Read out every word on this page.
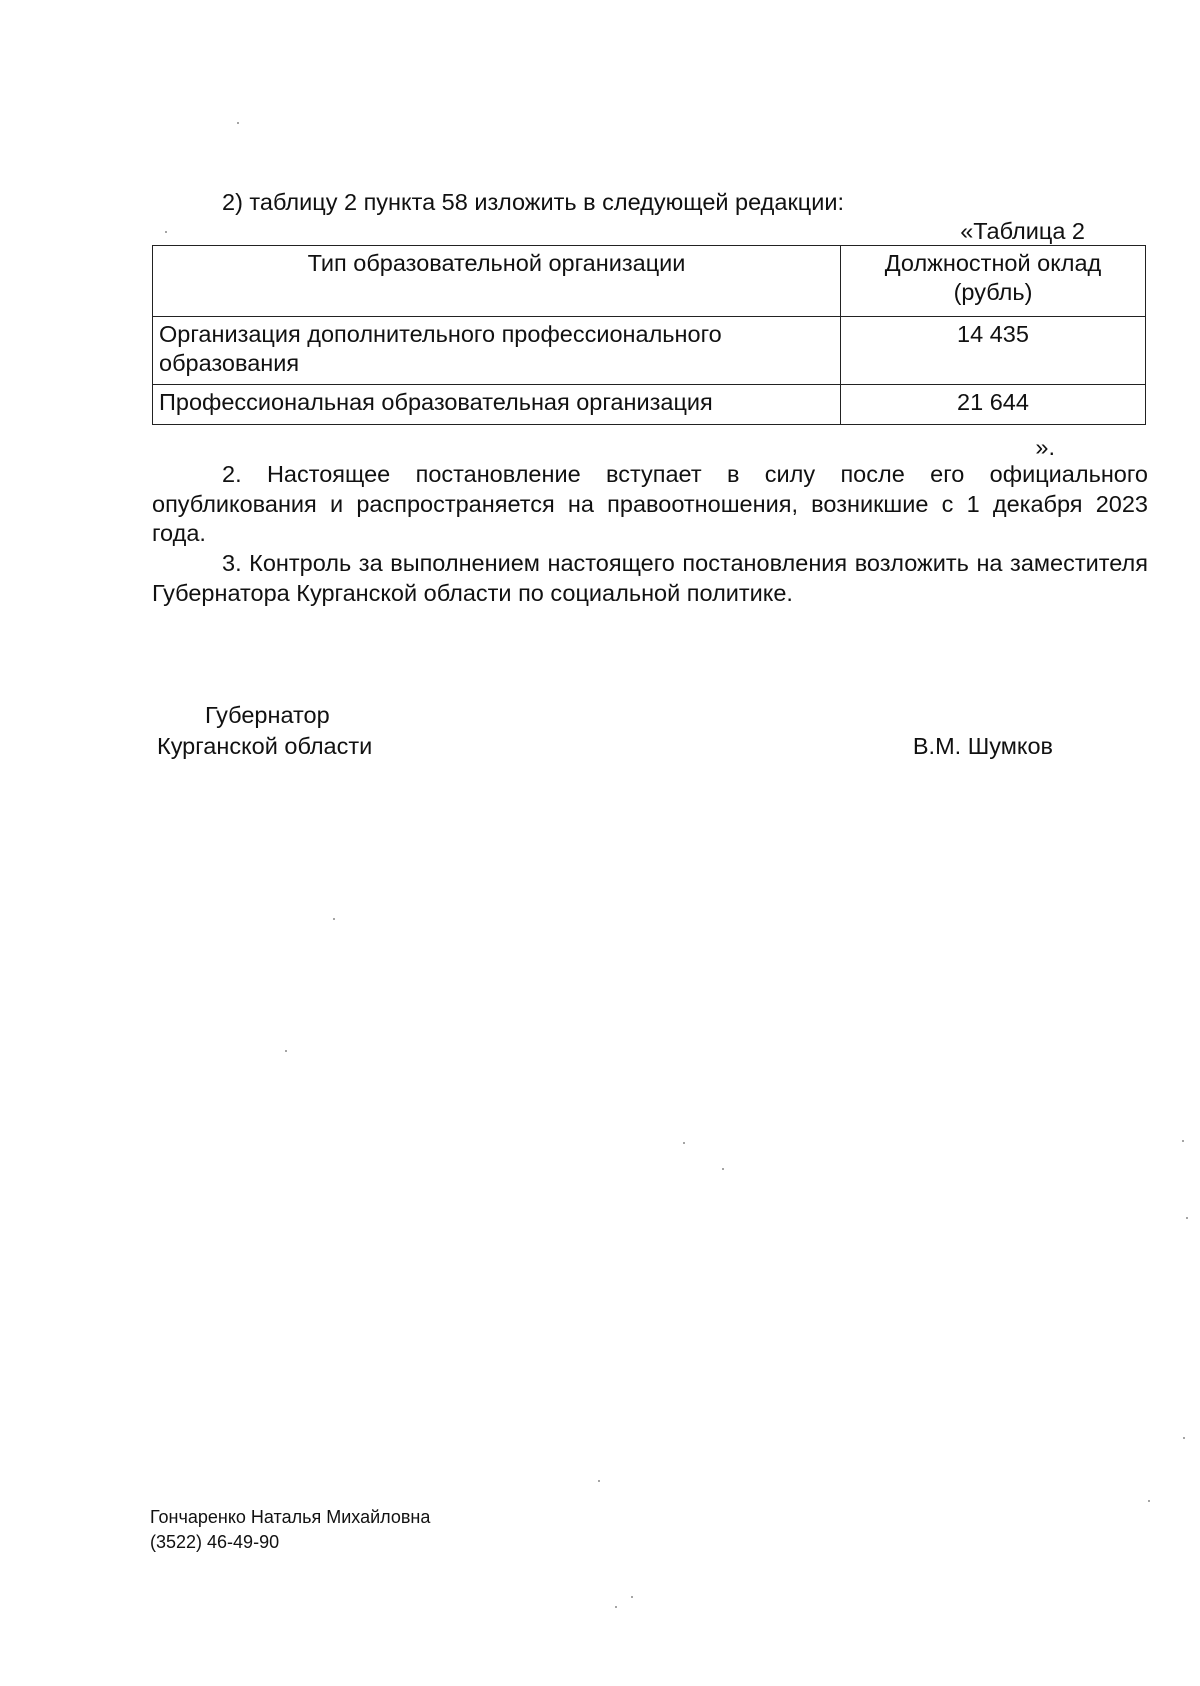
2) таблицу 2 пункта 58 изложить в следующей редакции:
«Таблица 2
Тип образовательной организации	Должностной оклад (рубль)
Организация дополнительного профессионального образования	14 435
Профессиональная образовательная организация	21 644
».
2. Настоящее постановление вступает в силу после его официального опубликования и распространяется на правоотношения, возникшие с 1 декабря 2023 года.
3. Контроль за выполнением настоящего постановления возложить на заместителя Губернатора Курганской области по социальной политике.
Губернатор
Курганской области	В.М. Шумков
Гончаренко Наталья Михайловна
(3522) 46-49-90
